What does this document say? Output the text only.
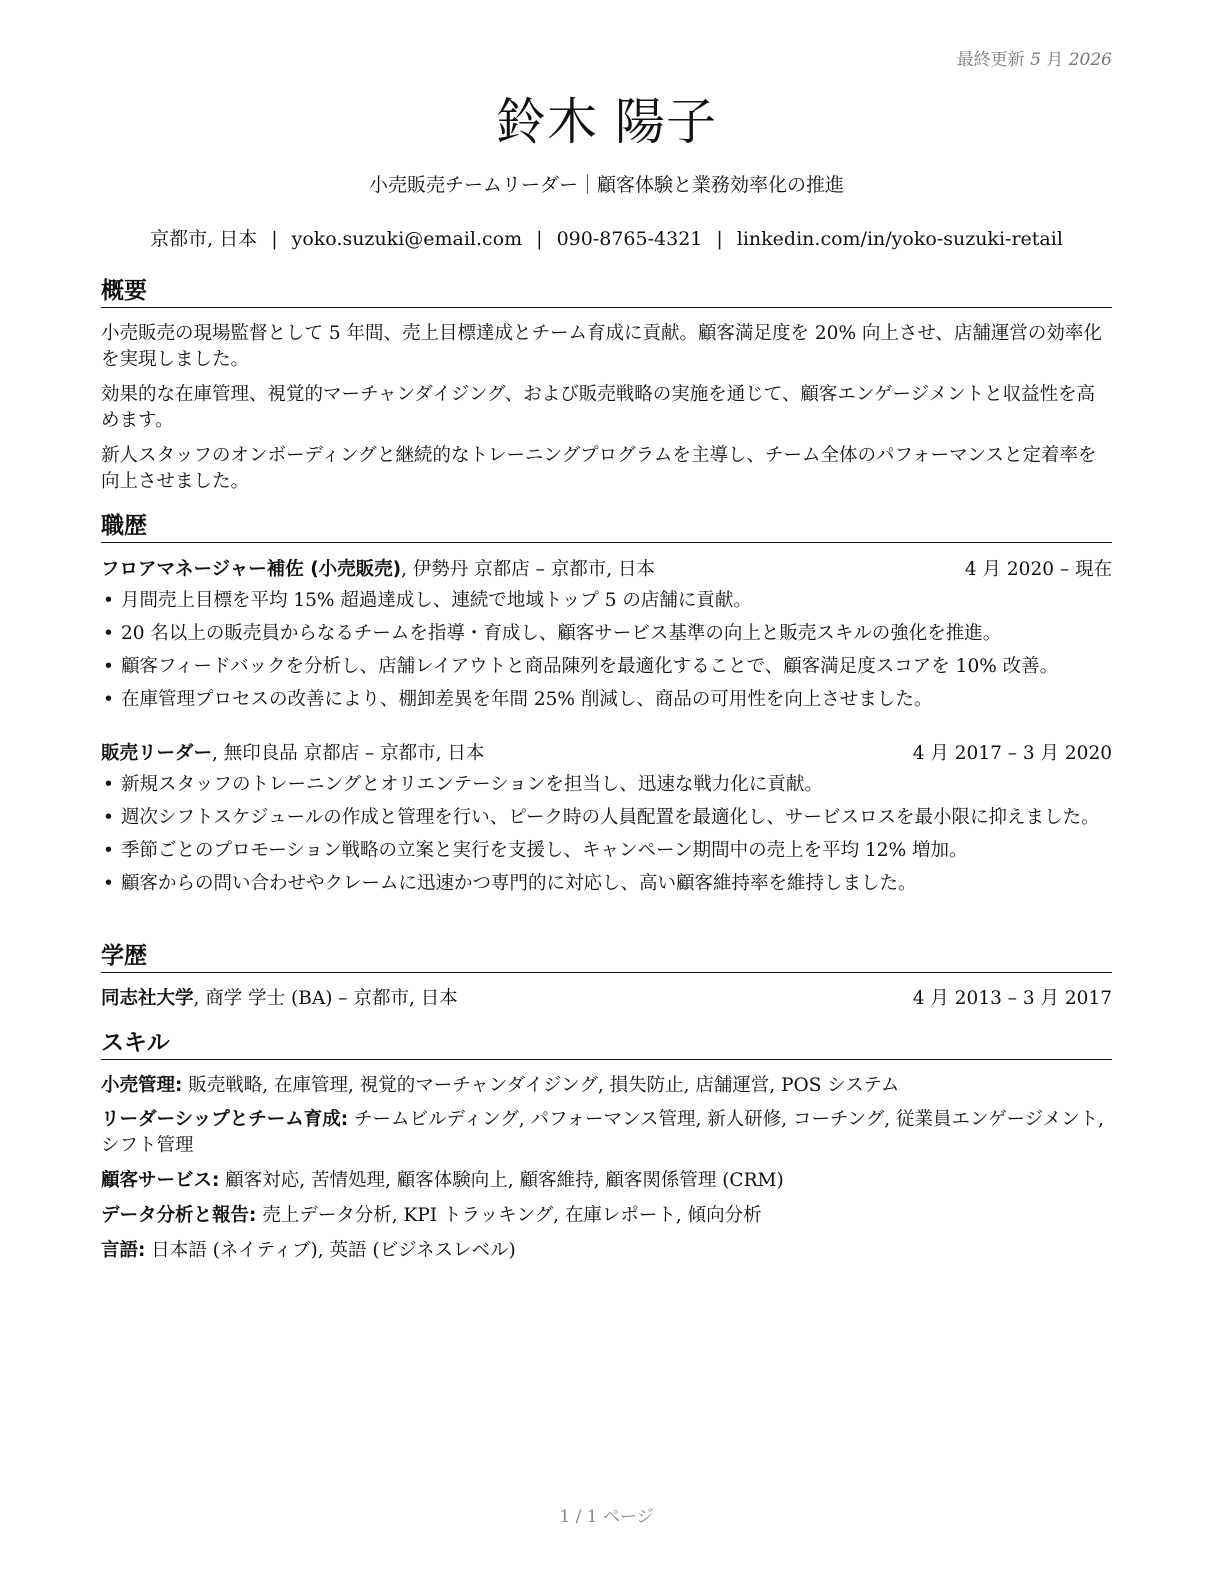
最終更新 5 月 2026
鈴木 陽子
小売販売チームリーダー｜顧客体験と業務効率化の推進
京都市, 日本 | yoko.suzuki@email.com | 090-8765-4321 | linkedin.com/in/yoko-suzuki-retail
概要
小売販売の現場監督として 5 年間、売上目標達成とチーム育成に貢献。顧客満足度を 20% 向上させ、店舗運営の効率化を実現しました。
効果的な在庫管理、視覚的マーチャンダイジング、および販売戦略の実施を通じて、顧客エンゲージメントと収益性を高めます。
新人スタッフのオンボーディングと継続的なトレーニングプログラムを主導し、チーム全体のパフォーマンスと定着率を向上させました。
職歴
フロアマネージャー補佐 (小売販売), 伊勢丹 京都店 – 京都市, 日本	4 月 2020 – 現在
• 月間売上目標を平均 15% 超過達成し、連続で地域トップ 5 の店舗に貢献。
• 20 名以上の販売員からなるチームを指導・育成し、顧客サービス基準の向上と販売スキルの強化を推進。
• 顧客フィードバックを分析し、店舗レイアウトと商品陳列を最適化することで、顧客満足度スコアを 10% 改善。
• 在庫管理プロセスの改善により、棚卸差異を年間 25% 削減し、商品の可用性を向上させました。
販売リーダー, 無印良品 京都店 – 京都市, 日本	4 月 2017 – 3 月 2020
• 新規スタッフのトレーニングとオリエンテーションを担当し、迅速な戦力化に貢献。
• 週次シフトスケジュールの作成と管理を行い、ピーク時の人員配置を最適化し、サービスロスを最小限に抑えました。
• 季節ごとのプロモーション戦略の立案と実行を支援し、キャンペーン期間中の売上を平均 12% 増加。
• 顧客からの問い合わせやクレームに迅速かつ専門的に対応し、高い顧客維持率を維持しました。
学歴
同志社大学, 商学 学士 (BA) – 京都市, 日本	4 月 2013 – 3 月 2017
スキル
小売管理: 販売戦略, 在庫管理, 視覚的マーチャンダイジング, 損失防止, 店舗運営, POS システム
リーダーシップとチーム育成: チームビルディング, パフォーマンス管理, 新人研修, コーチング, 従業員エンゲージメント, シフト管理
顧客サービス: 顧客対応, 苦情処理, 顧客体験向上, 顧客維持, 顧客関係管理 (CRM)
データ分析と報告: 売上データ分析, KPI トラッキング, 在庫レポート, 傾向分析
言語: 日本語 (ネイティブ), 英語 (ビジネスレベル)
1 / 1 ページ
